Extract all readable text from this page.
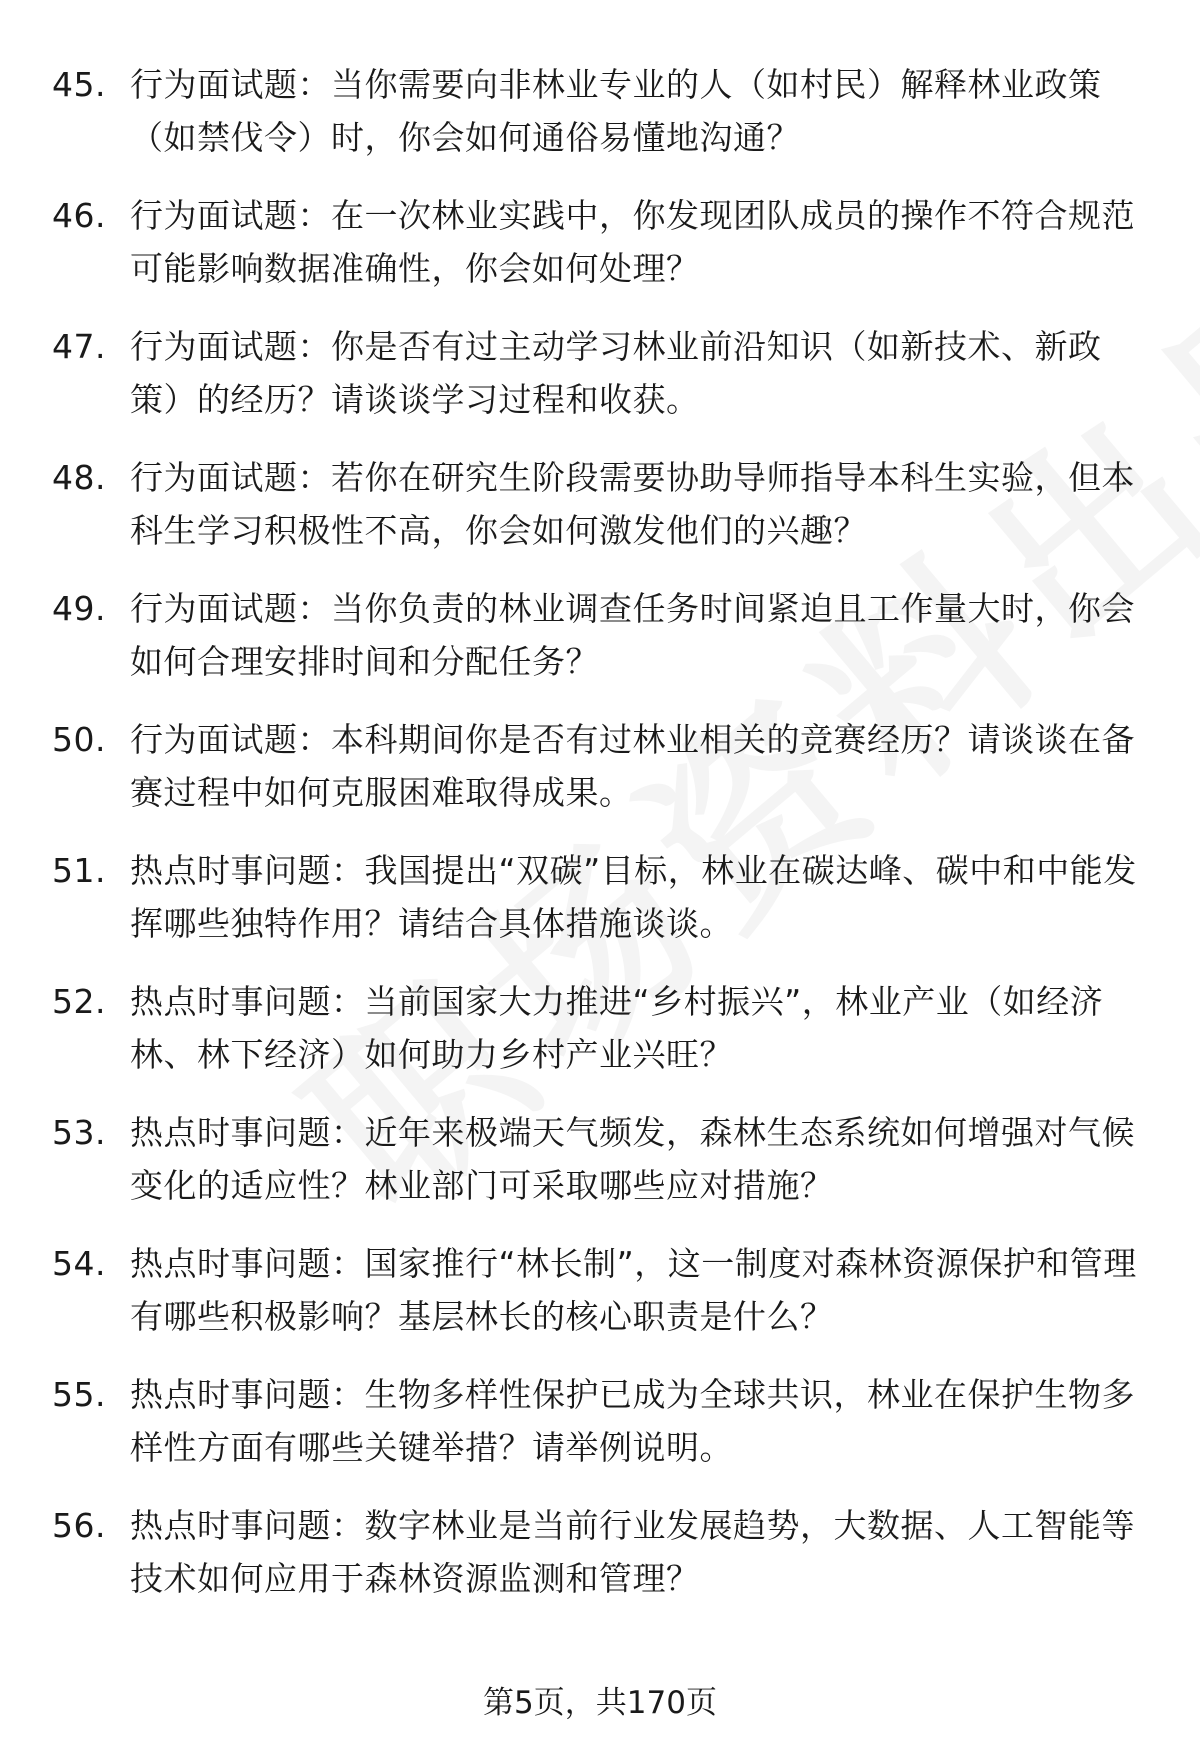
45. 行为面试题：当你需要向非林业专业的人（如村民）解释林业政策（如禁伐令）时，你会如何通俗易懂地沟通？

46. 行为面试题：在一次林业实践中，你发现团队成员的操作不符合规范可能影响数据准确性，你会如何处理？

47. 行为面试题：你是否有过主动学习林业前沿知识（如新技术、新政策）的经历？请谈谈学习过程和收获。

48. 行为面试题：若你在研究生阶段需要协助导师指导本科生实验，但本科生学习积极性不高，你会如何激发他们的兴趣？

49. 行为面试题：当你负责的林业调查任务时间紧迫且工作量大时，你会如何合理安排时间和分配任务？

50. 行为面试题：本科期间你是否有过林业相关的竞赛经历？请谈谈在备赛过程中如何克服困难取得成果。

51. 热点时事问题：我国提出“双碳”目标，林业在碳达峰、碳中和中能发挥哪些独特作用？请结合具体措施谈谈。

52. 热点时事问题：当前国家大力推进“乡村振兴”，林业产业（如经济林、林下经济）如何助力乡村产业兴旺？

53. 热点时事问题：近年来极端天气频发，森林生态系统如何增强对气候变化的适应性？林业部门可采取哪些应对措施？

54. 热点时事问题：国家推行“林长制”，这一制度对森林资源保护和管理有哪些积极影响？基层林长的核心职责是什么？

55. 热点时事问题：生物多样性保护已成为全球共识，林业在保护生物多样性方面有哪些关键举措？请举例说明。

56. 热点时事问题：数字林业是当前行业发展趋势，大数据、人工智能等技术如何应用于森林资源监测和管理？

第5页，共170页
